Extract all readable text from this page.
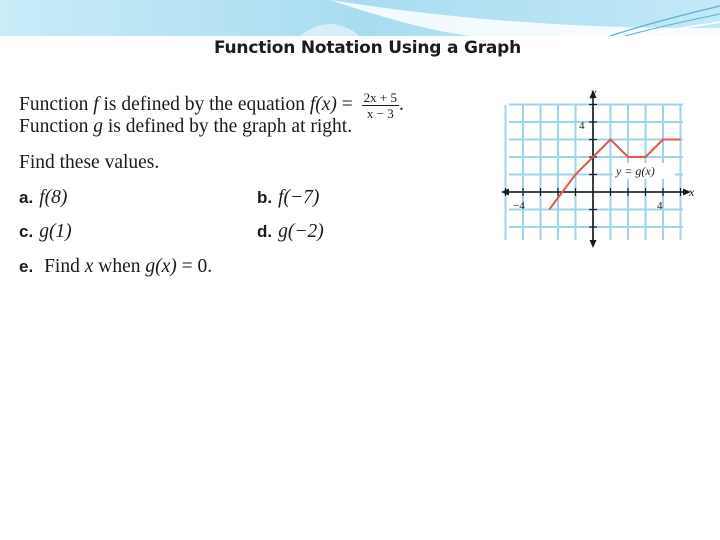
Function Notation Using a Graph
Function f is defined by the equation $f(x) = \frac{2x + 5}{x - 3}$ .
Function g is defined by the graph at right.
Find these values.
a. f(8)	b. f(−7)
c. g(1)	d. g(−2)
e. Find x when g(x) = 0.
x
y
4
−4	4
y = g(x)
